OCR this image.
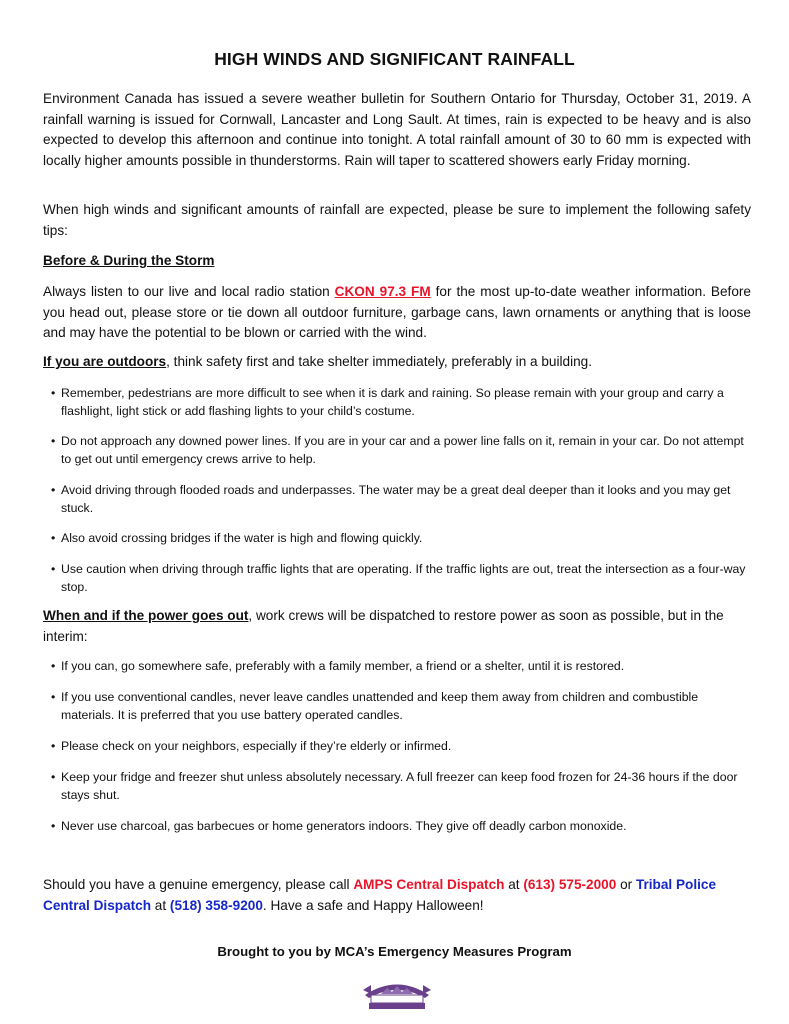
HIGH WINDS AND SIGNIFICANT RAINFALL

Environment Canada has issued a severe weather bulletin for Southern Ontario for Thursday, October 31, 2019. A rainfall warning is issued for Cornwall, Lancaster and Long Sault. At times, rain is expected to be heavy and is also expected to develop this afternoon and continue into tonight. A total rainfall amount of 30 to 60 mm is expected with locally higher amounts possible in thunderstorms. Rain will taper to scattered showers early Friday morning.

When high winds and significant amounts of rainfall are expected, please be sure to implement the following safety tips:

Before & During the Storm

Always listen to our live and local radio station CKON 97.3 FM for the most up-to-date weather information. Before you head out, please store or tie down all outdoor furniture, garbage cans, lawn ornaments or anything that is loose and may have the potential to be blown or carried with the wind.

If you are outdoors, think safety first and take shelter immediately, preferably in a building.

• Remember, pedestrians are more difficult to see when it is dark and raining. So please remain with your group and carry a flashlight, light stick or add flashing lights to your child’s costume.
• Do not approach any downed power lines. If you are in your car and a power line falls on it, remain in your car. Do not attempt to get out until emergency crews arrive to help.
• Avoid driving through flooded roads and underpasses. The water may be a great deal deeper than it looks and you may get stuck.
• Also avoid crossing bridges if the water is high and flowing quickly.
• Use caution when driving through traffic lights that are operating. If the traffic lights are out, treat the intersection as a four-way stop.

When and if the power goes out, work crews will be dispatched to restore power as soon as possible, but in the interim:

• If you can, go somewhere safe, preferably with a family member, a friend or a shelter, until it is restored.
• If you use conventional candles, never leave candles unattended and keep them away from children and combustible materials. It is preferred that you use battery operated candles.
• Please check on your neighbors, especially if they’re elderly or infirmed.
• Keep your fridge and freezer shut unless absolutely necessary. A full freezer can keep food frozen for 24-36 hours if the door stays shut.
• Never use charcoal, gas barbecues or home generators indoors. They give off deadly carbon monoxide.

Should you have a genuine emergency, please call AMPS Central Dispatch at (613) 575-2000 or Tribal Police Central Dispatch at (518) 358-9200. Have a safe and Happy Halloween!

Brought to you by MCA’s Emergency Measures Program
